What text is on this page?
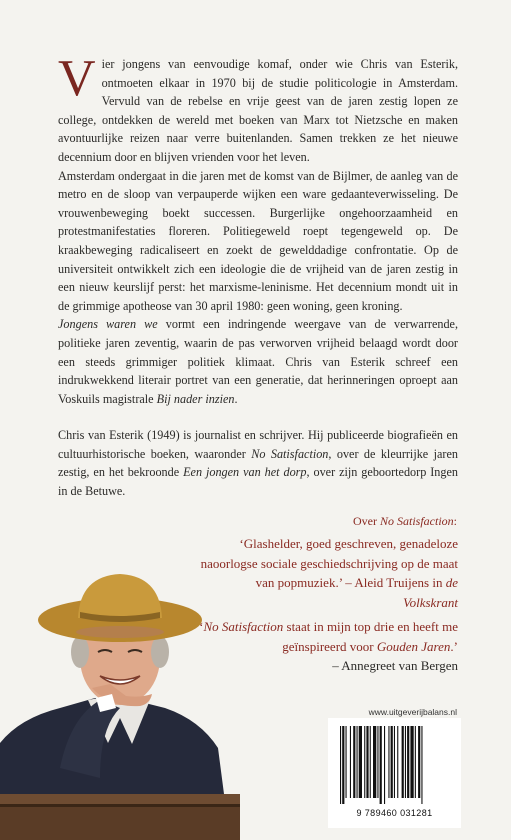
Vier jongens van eenvoudige komaf, onder wie Chris van Esterik, ontmoeten elkaar in 1970 bij de studie politicologie in Amsterdam. Vervuld van de rebelse en vrije geest van de jaren zestig lopen ze college, ontdekken de wereld met boeken van Marx tot Nietzsche en maken avontuurlijke reizen naar verre buitenlanden. Samen trekken ze het nieuwe decennium door en blijven vrienden voor het leven.

Amsterdam ondergaat in die jaren met de komst van de Bijlmer, de aanleg van de metro en de sloop van verpauperde wijken een ware gedaanteverwisseling. De vrouwenbeweging boekt successen. Burgerlijke ongehoorzaamheid en protestmanifestaties floreren. Politiegeweld roept tegengeweld op. De kraakbeweging radicaliseert en zoekt de gewelddadige confrontatie. Op de universiteit ontwikkelt zich een ideologie die de vrijheid van de jaren zestig in een nieuw keurslijf perst: het marxisme-leninisme. Het decennium mondt uit in de grimmige apotheose van 30 april 1980: geen woning, geen kroning.

Jongens waren we vormt een indringende weergave van de verwarrende, politieke jaren zeventig, waarin de pas verworven vrijheid belaagd wordt door een steeds grimmiger politiek klimaat. Chris van Esterik schreef een indrukwekkend literair portret van een generatie, dat herinneringen oproept aan Voskuils magistrale Bij nader inzien.

Chris van Esterik (1949) is journalist en schrijver. Hij publiceerde biografieën en cultuurhistorische boeken, waaronder No Satisfaction, over de kleurrijke jaren zestig, en het bekroonde Een jongen van het dorp, over zijn geboortedorp Ingen in de Betuwe.

Over No Satisfaction:
‘Glashelder, goed geschreven, genadeloze naoorlogse sociale geschiedschrijving op de maat van popmuziek.’ – Aleid Truijens in de Volkskrant
‘No Satisfaction staat in mijn top drie en heeft me geïnspireerd voor Gouden Jaren.’
– Annegreet van Bergen
www.uitgeverijbalans.nl
9 789460 031281
